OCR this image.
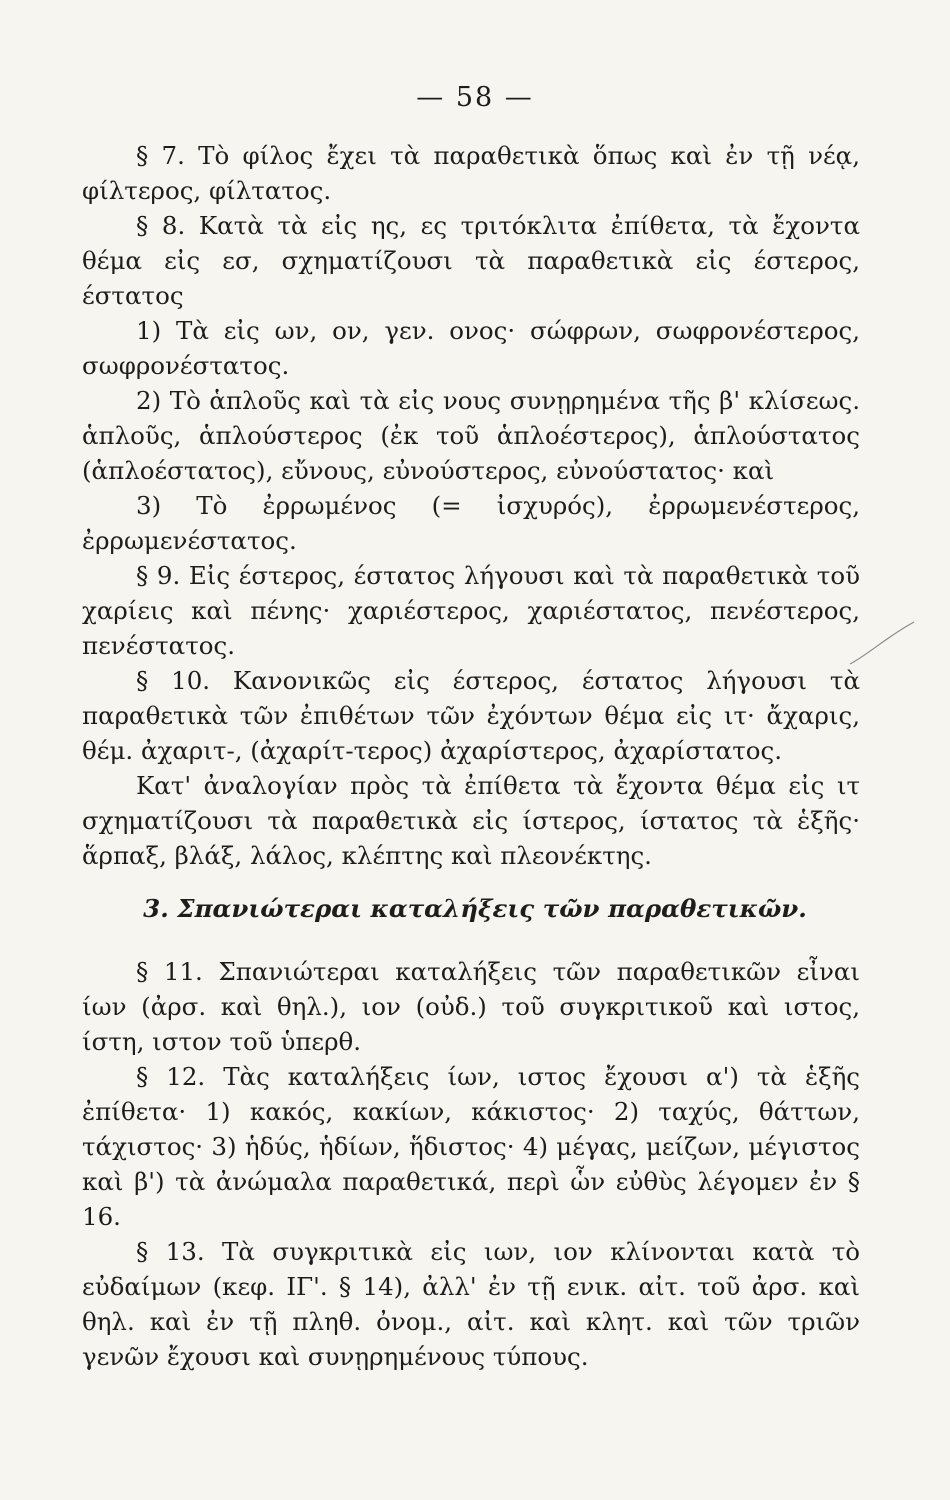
— 58 —

§ 7. Τὸ φίλος ἔχει τὰ παραθετικὰ ὅπως καὶ ἐν τῇ νέᾳ, φίλτερος, φίλτατος.

§ 8. Κατὰ τὰ εἰς ης, ες τριτόκλιτα ἐπίθετα, τὰ ἔχοντα θέμα εἰς εσ, σχηματίζουσι τὰ παραθετικὰ εἰς έστερος, έστατος

1) Τὰ εἰς ων, ον, γεν. ονος· σώφρων, σωφρονέστερος, σωφρονέστατος.

2) Τὸ ἁπλοῦς καὶ τὰ εἰς νους συνῃρημένα τῆς β' κλίσεως. ἁπλοῦς, ἁπλούστερος (ἐκ τοῦ ἁπλοέστερος), ἁπλούστατος (ἁπλοέστατος), εὔνους, εὐνούστερος, εὐνούστατος· καὶ

3) Τὸ ἐρρωμένος (= ἰσχυρός), ἐρρωμενέστερος, ἐρρωμενέστατος.

§ 9. Εἰς έστερος, έστατος λήγουσι καὶ τὰ παραθετικὰ τοῦ χαρίεις καὶ πένης· χαριέστερος, χαριέστατος, πενέστερος, πενέστατος.

§ 10. Κανονικῶς εἰς έστερος, έστατος λήγουσι τὰ παραθετικὰ τῶν ἐπιθέτων τῶν ἐχόντων θέμα εἰς ιτ· ἄχαρις, θέμ. ἀχαριτ-, (ἀχαρίτ-τερος) ἀχαρίστερος, ἀχαρίστατος.

Κατ' ἀναλογίαν πρὸς τὰ ἐπίθετα τὰ ἔχοντα θέμα εἰς ιτ σχηματίζουσι τὰ παραθετικὰ εἰς ίστερος, ίστατος τὰ ἑξῆς· ἅρπαξ, βλάξ, λάλος, κλέπτης καὶ πλεονέκτης.

3. Σπανιώτεραι καταλήξεις τῶν παραθετικῶν.

§ 11. Σπανιώτεραι καταλήξεις τῶν παραθετικῶν εἶναι ίων (ἀρσ. καὶ θηλ.), ιον (οὐδ.) τοῦ συγκριτικοῦ καὶ ιστος, ίστη, ιστον τοῦ ὑπερθ.

§ 12. Τὰς καταλήξεις ίων, ιστος ἔχουσι α') τὰ ἑξῆς ἐπίθετα· 1) κακός, κακίων, κάκιστος· 2) ταχύς, θάττων, τάχιστος· 3) ἡδύς, ἡδίων, ἥδιστος· 4) μέγας, μείζων, μέγιστος καὶ β') τὰ ἀνώμαλα παραθετικά, περὶ ὧν εὐθὺς λέγομεν ἐν § 16.

§ 13. Τὰ συγκριτικὰ εἰς ιων, ιον κλίνονται κατὰ τὸ εὐδαίμων (κεφ. ΙΓ'. § 14), ἀλλ' ἐν τῇ ενικ. αἰτ. τοῦ ἀρσ. καὶ θηλ. καὶ ἐν τῇ πληθ. ὀνομ., αἰτ. καὶ κλητ. καὶ τῶν τριῶν γενῶν ἔχουσι καὶ συνῃρημένους τύπους.
